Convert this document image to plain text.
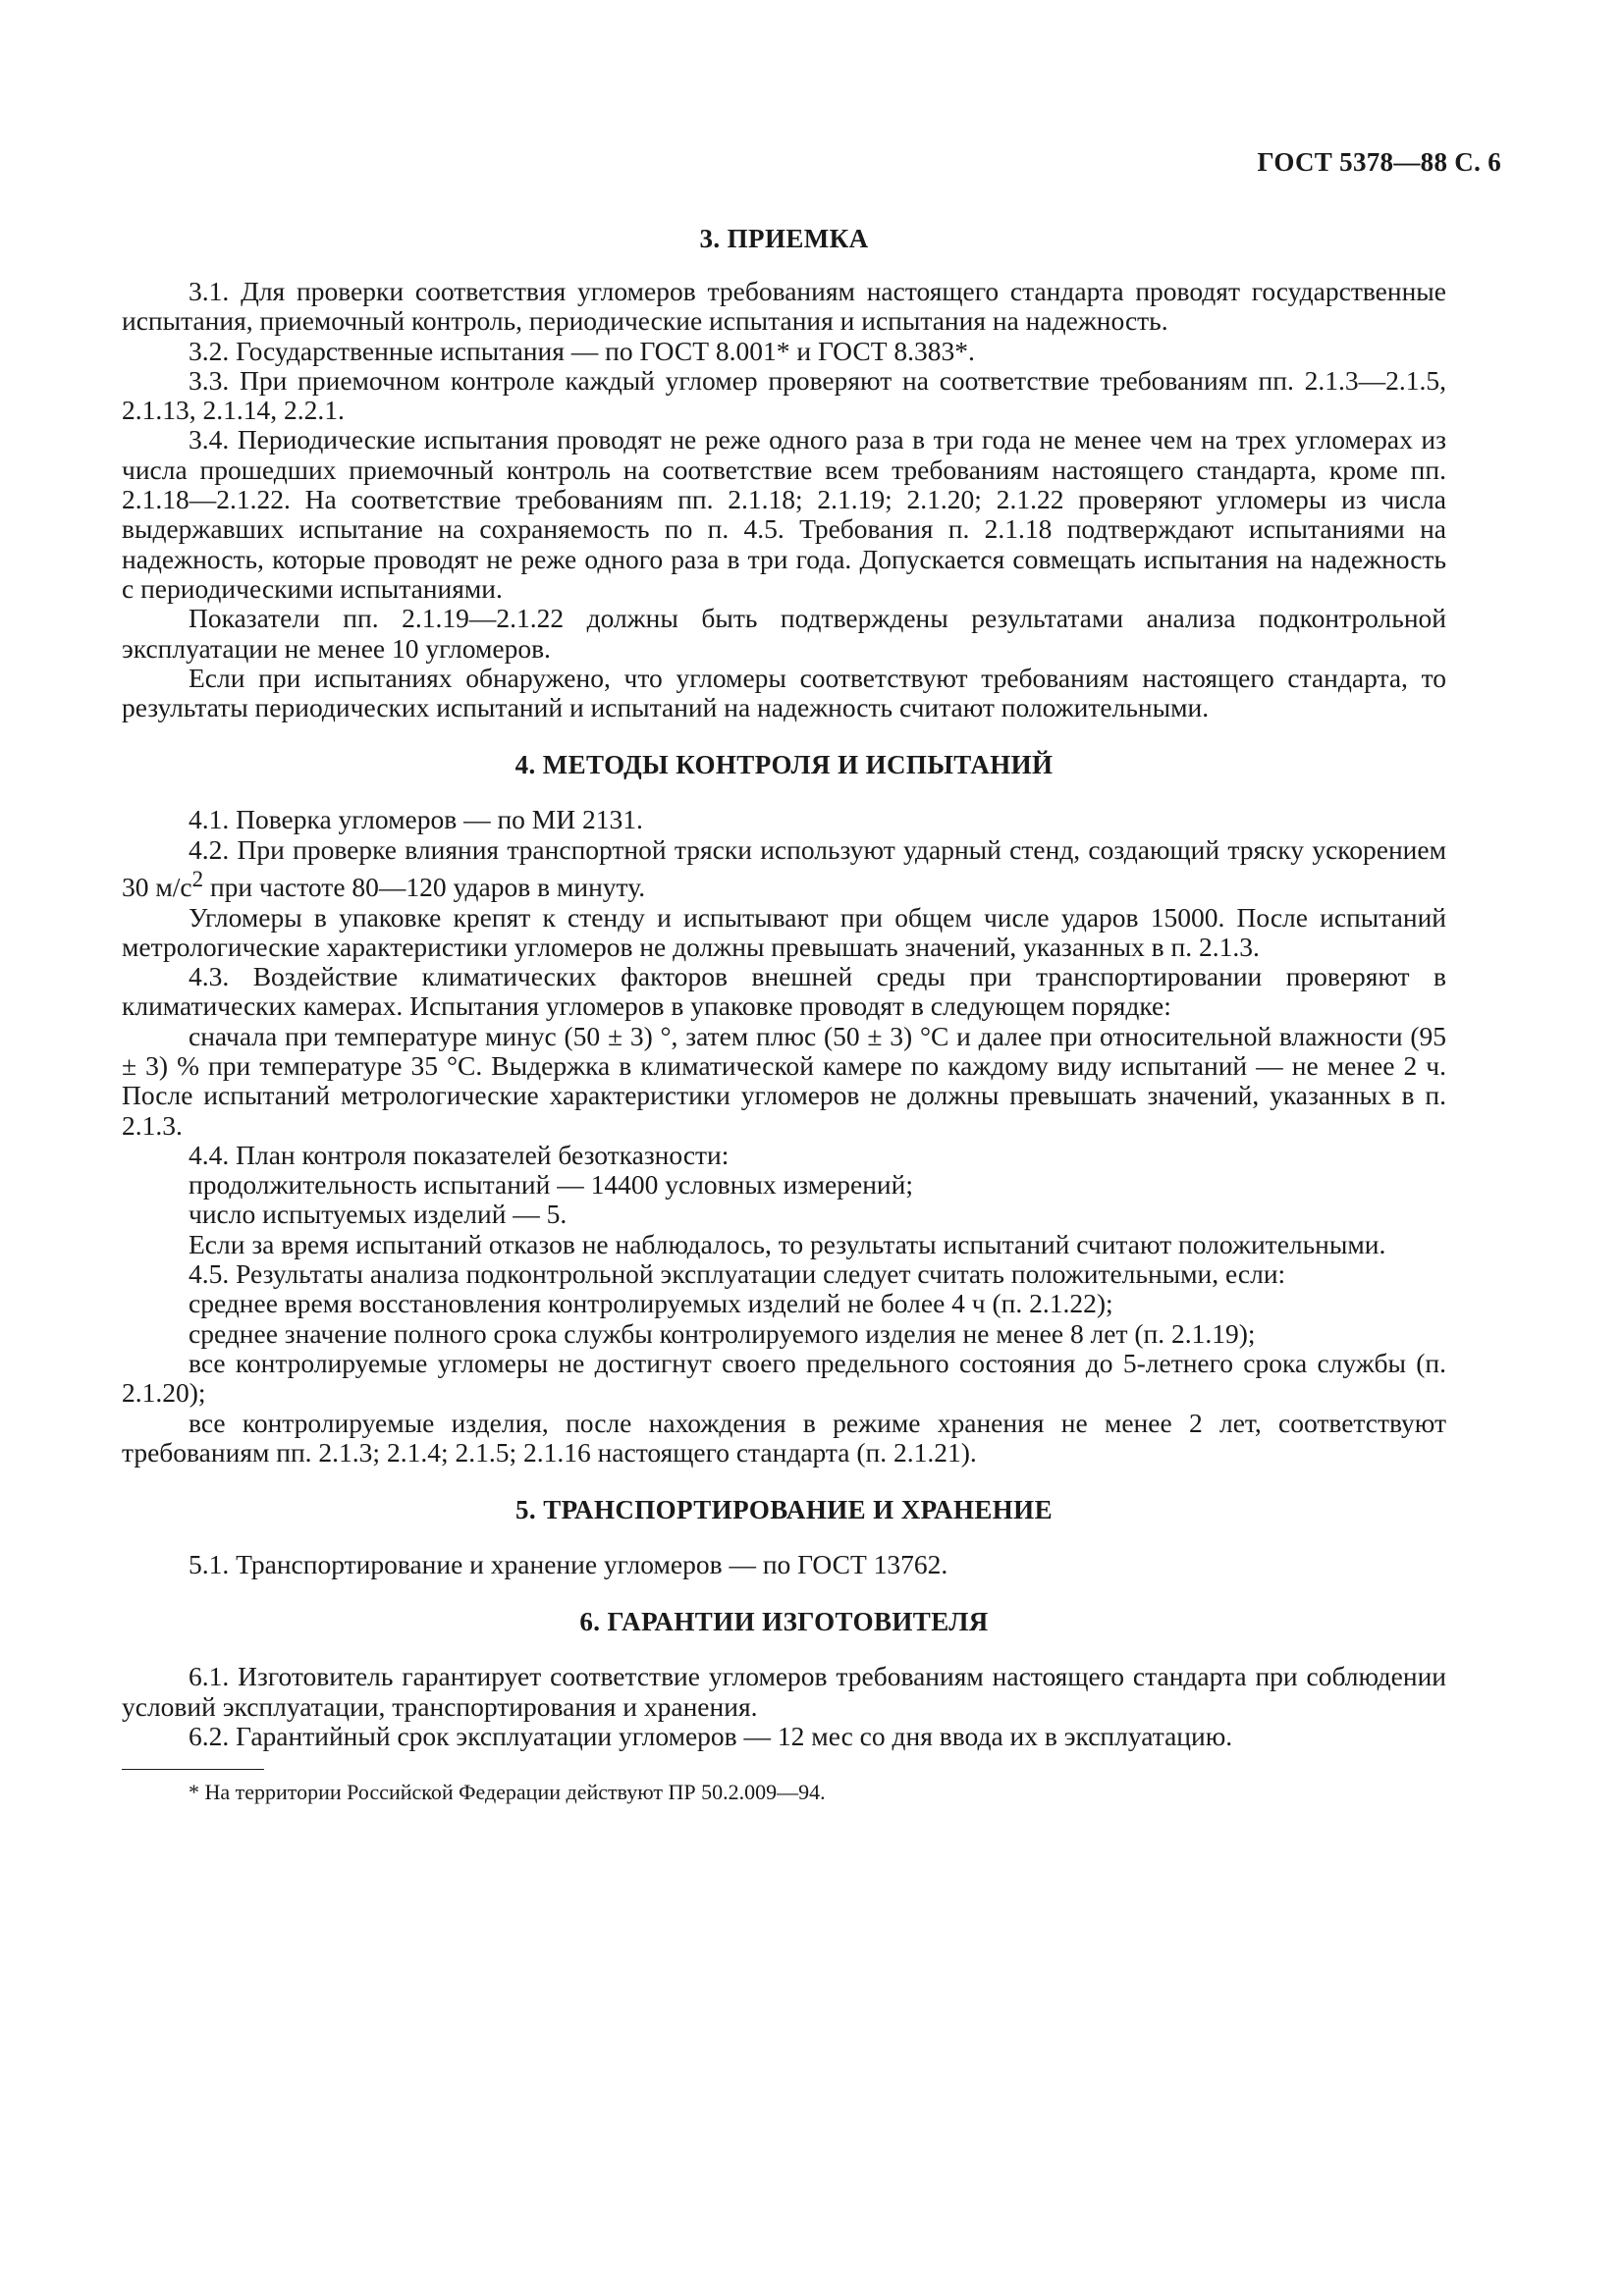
ГОСТ 5378—88 С. 6
3. ПРИЕМКА

3.1. Для проверки соответствия угломеров требованиям настоящего стандарта проводят государственные испытания, приемочный контроль, периодические испытания и испытания на надежность.

3.2. Государственные испытания — по ГОСТ 8.001* и ГОСТ 8.383*.

3.3. При приемочном контроле каждый угломер проверяют на соответствие требованиям пп. 2.1.3—2.1.5, 2.1.13, 2.1.14, 2.2.1.

3.4. Периодические испытания проводят не реже одного раза в три года не менее чем на трех угломерах из числа прошедших приемочный контроль на соответствие всем требованиям настоящего стандарта, кроме пп. 2.1.18—2.1.22. На соответствие требованиям пп. 2.1.18; 2.1.19; 2.1.20; 2.1.22 проверяют угломеры из числа выдержавших испытание на сохраняемость по п. 4.5. Требования п. 2.1.18 подтверждают испытаниями на надежность, которые проводят не реже одного раза в три года. Допускается совмещать испытания на надежность с периодическими испытаниями.

Показатели пп. 2.1.19—2.1.22 должны быть подтверждены результатами анализа подконтрольной эксплуатации не менее 10 угломеров.

Если при испытаниях обнаружено, что угломеры соответствуют требованиям настоящего стандарта, то результаты периодических испытаний и испытаний на надежность считают положительными.

4. МЕТОДЫ КОНТРОЛЯ И ИСПЫТАНИЙ

4.1. Поверка угломеров — по МИ 2131.

4.2. При проверке влияния транспортной тряски используют ударный стенд, создающий тряску ускорением 30 $м/с^2$ при частоте 80—120 ударов в минуту.

Угломеры в упаковке крепят к стенду и испытывают при общем числе ударов 15000. После испытаний метрологические характеристики угломеров не должны превышать значений, указанных в п. 2.1.3.

4.3. Воздействие климатических факторов внешней среды при транспортировании проверяют в климатических камерах. Испытания угломеров в упаковке проводят в следующем порядке:

сначала при температуре минус (50 ± 3) °, затем плюс (50 ± 3) °С и далее при относительной влажности (95 ± 3) % при температуре 35 °С. Выдержка в климатической камере по каждому виду испытаний — не менее 2 ч. После испытаний метрологические характеристики угломеров не должны превышать значений, указанных в п. 2.1.3.

4.4. План контроля показателей безотказности:

продолжительность испытаний — 14400 условных измерений;

число испытуемых изделий — 5.

Если за время испытаний отказов не наблюдалось, то результаты испытаний считают положительными.

4.5. Результаты анализа подконтрольной эксплуатации следует считать положительными, если:

среднее время восстановления контролируемых изделий не более 4 ч (п. 2.1.22);

среднее значение полного срока службы контролируемого изделия не менее 8 лет (п. 2.1.19);

все контролируемые угломеры не достигнут своего предельного состояния до 5-летнего срока службы (п. 2.1.20);

все контролируемые изделия, после нахождения в режиме хранения не менее 2 лет, соответствуют требованиям пп. 2.1.3; 2.1.4; 2.1.5; 2.1.16 настоящего стандарта (п. 2.1.21).

5. ТРАНСПОРТИРОВАНИЕ И ХРАНЕНИЕ

5.1. Транспортирование и хранение угломеров — по ГОСТ 13762.

6. ГАРАНТИИ ИЗГОТОВИТЕЛЯ

6.1. Изготовитель гарантирует соответствие угломеров требованиям настоящего стандарта при соблюдении условий эксплуатации, транспортирования и хранения.

6.2. Гарантийный срок эксплуатации угломеров — 12 мес со дня ввода их в эксплуатацию.

* На территории Российской Федерации действуют ПР 50.2.009—94.
